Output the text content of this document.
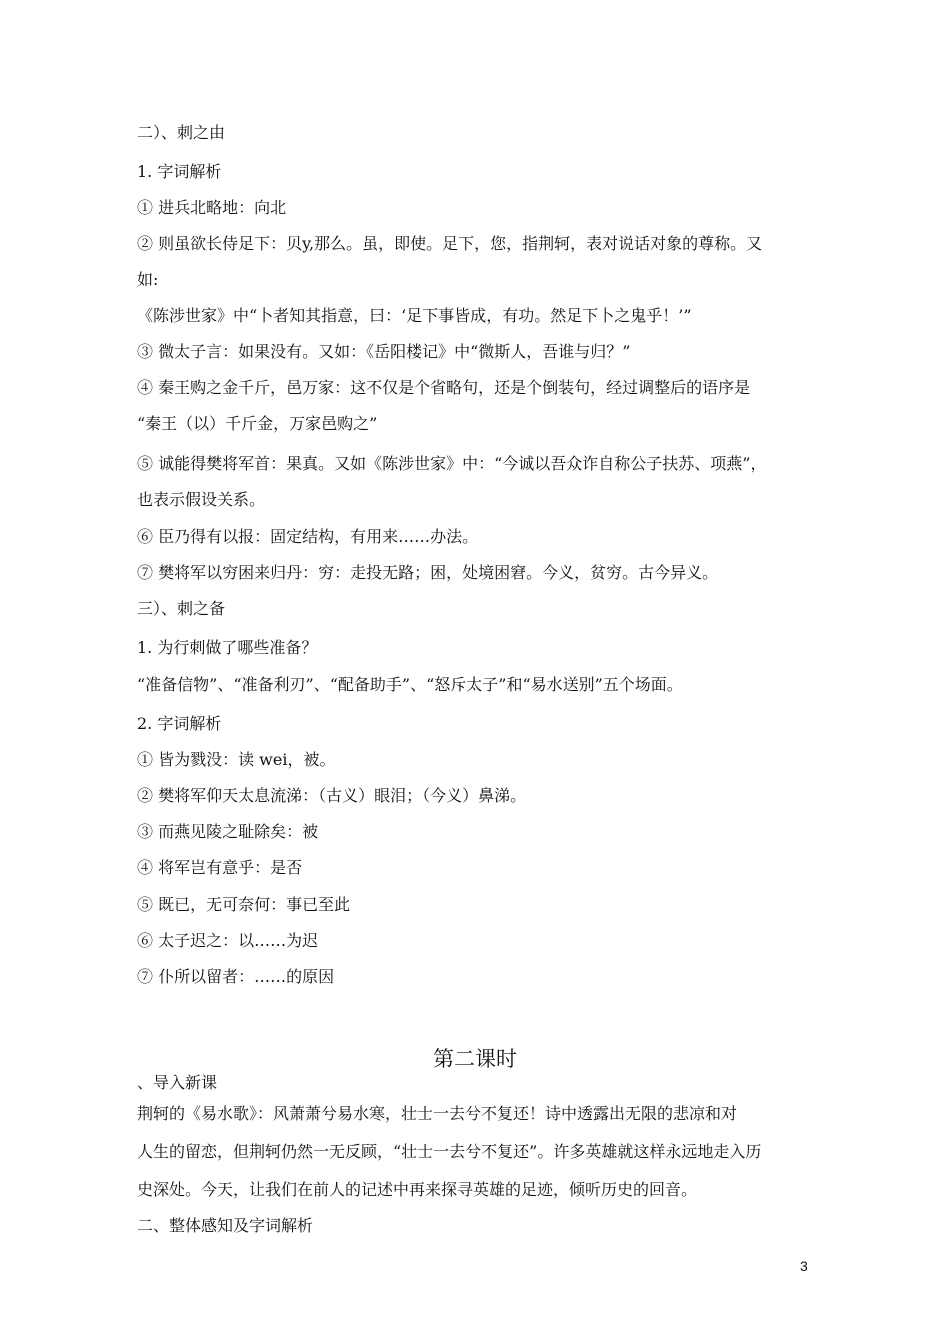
二）、刺之由
1. 字词解析
① 进兵北略地：向北
② 则虽欲长侍足下：贝y,那么。虽，即使。足下，您，指荆轲，表对说话对象的尊称。又
如:
《陈涉世家》中“卜者知其指意，曰：‘足下事皆成，有功。然足下卜之鬼乎！’”
③ 微太子言：如果没有。又如：《岳阳楼记》中“微斯人，吾谁与归？”
④ 秦王购之金千斤，邑万家：这不仅是个省略句，还是个倒装句，经过调整后的语序是
“秦王（以）千斤金，万家邑购之”
⑤ 诚能得樊将军首：果真。又如《陈涉世家》中：“今诚以吾众诈自称公子扶苏、项燕”，
也表示假设关系。
⑥ 臣乃得有以报：固定结构，有用来……办法。
⑦ 樊将军以穷困来归丹：穷：走投无路；困，处境困窘。今义，贫穷。古今异义。
三）、刺之备
1. 为行刺做了哪些准备？
“准备信物”、“准备利刃”、“配备助手”、“怒斥太子”和“易水送别”五个场面。
2. 字词解析
① 皆为戮没：读 wei，被。
② 樊将军仰天太息流涕：（古义）眼泪；（今义）鼻涕。
③ 而燕见陵之耻除矣：被
④ 将军岂有意乎：是否
⑤ 既已，无可奈何：事已至此
⑥ 太子迟之：以……为迟
⑦ 仆所以留者：……的原因
第二课时
、导入新课
荆轲的《易水歌》：风萧萧兮易水寒，壮士一去兮不复还！诗中透露出无限的悲凉和对
人生的留恋，但荆轲仍然一无反顾，“壮士一去兮不复还”。许多英雄就这样永远地走入历
史深处。今天，让我们在前人的记述中再来探寻英雄的足迹，倾听历史的回音。
二、整体感知及字词解析
3
